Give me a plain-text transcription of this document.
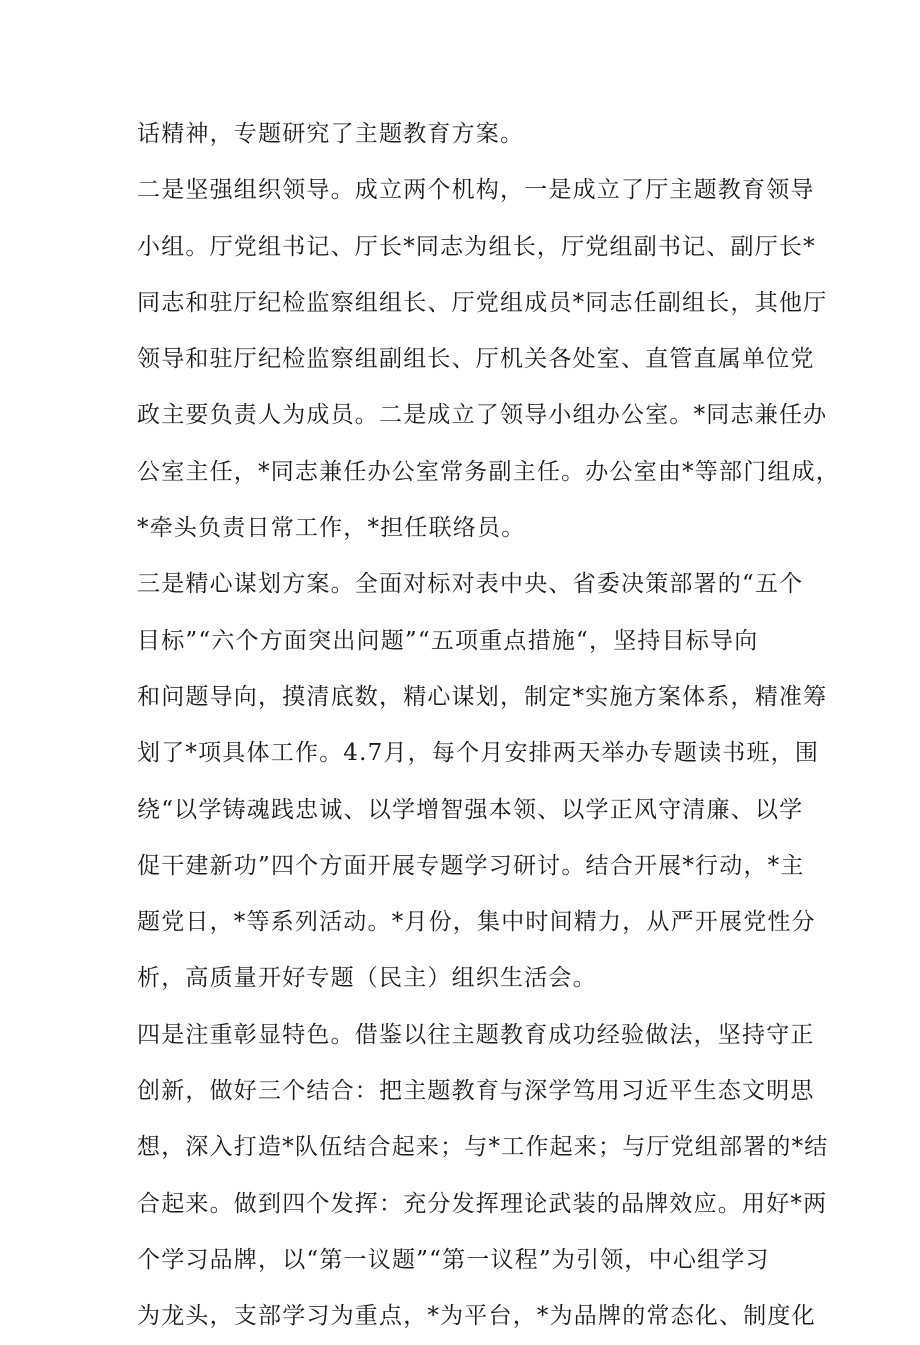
话精神，专题研究了主题教育方案。
二是坚强组织领导。成立两个机构，一是成立了厅主题教育领导
小组。厅党组书记、厅长*同志为组长，厅党组副书记、副厅长*
同志和驻厅纪检监察组组长、厅党组成员*同志任副组长，其他厅
领导和驻厅纪检监察组副组长、厅机关各处室、直管直属单位党
政主要负责人为成员。二是成立了领导小组办公室。*同志兼任办
公室主任，*同志兼任办公室常务副主任。办公室由*等部门组成，
*牵头负责日常工作，*担任联络员。
三是精心谋划方案。全面对标对表中央、省委决策部署的“五个
目标”“六个方面突出问题”“五项重点措施“，坚持目标导向
和问题导向，摸清底数，精心谋划，制定*实施方案体系，精准筹
划了*项具体工作。4.7月，每个月安排两天举办专题读书班，围
绕“以学铸魂践忠诚、以学增智强本领、以学正风守清廉、以学
促干建新功”四个方面开展专题学习研讨。结合开展*行动，*主
题党日，*等系列活动。*月份，集中时间精力，从严开展党性分
析，高质量开好专题（民主）组织生活会。
四是注重彰显特色。借鉴以往主题教育成功经验做法，坚持守正
创新，做好三个结合：把主题教育与深学笃用习近平生态文明思
想，深入打造*队伍结合起来；与*工作起来；与厅党组部署的*结
合起来。做到四个发挥：充分发挥理论武装的品牌效应。用好*两
个学习品牌，以“第一议题”“第一议程”为引领，中心组学习
为龙头，支部学习为重点，*为平台，*为品牌的常态化、制度化
